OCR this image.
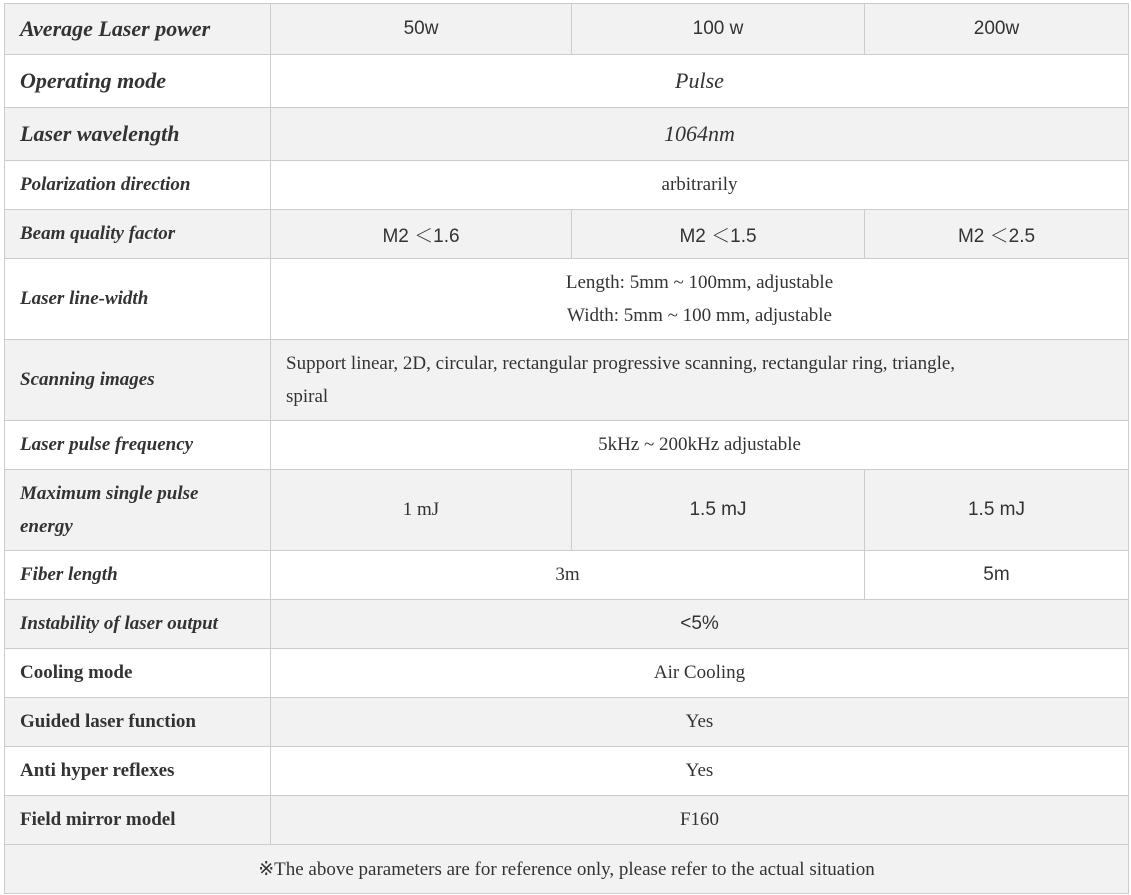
Average Laser power	50w	100 w	200w
Operating mode	Pulse		
Laser wavelength	1064nm		
Polarization direction	arbitrarily		
Beam quality factor	M2 ＜1.6	M2 ＜1.5	M2 ＜2.5
Laser line-width	Length: 5mm ~ 100mm, adjustable
Width: 5mm ~ 100 mm, adjustable		

Scanning images	Support linear, 2D, circular, rectangular progressive scanning, rectangular ring, triangle,
spiral		

Laser pulse frequency	5kHz ~ 200kHz adjustable		

Maximum single pulse
energy	1 mJ	1.5 mJ	1.5 mJ
Fiber length	3m		5m
Instability of laser output	<5%		
Cooling mode	Air Cooling		
Guided laser function	Yes		
Anti hyper reflexes	Yes		
Field mirror model	F160		
※The above parameters are for reference only, please refer to the actual situation			
